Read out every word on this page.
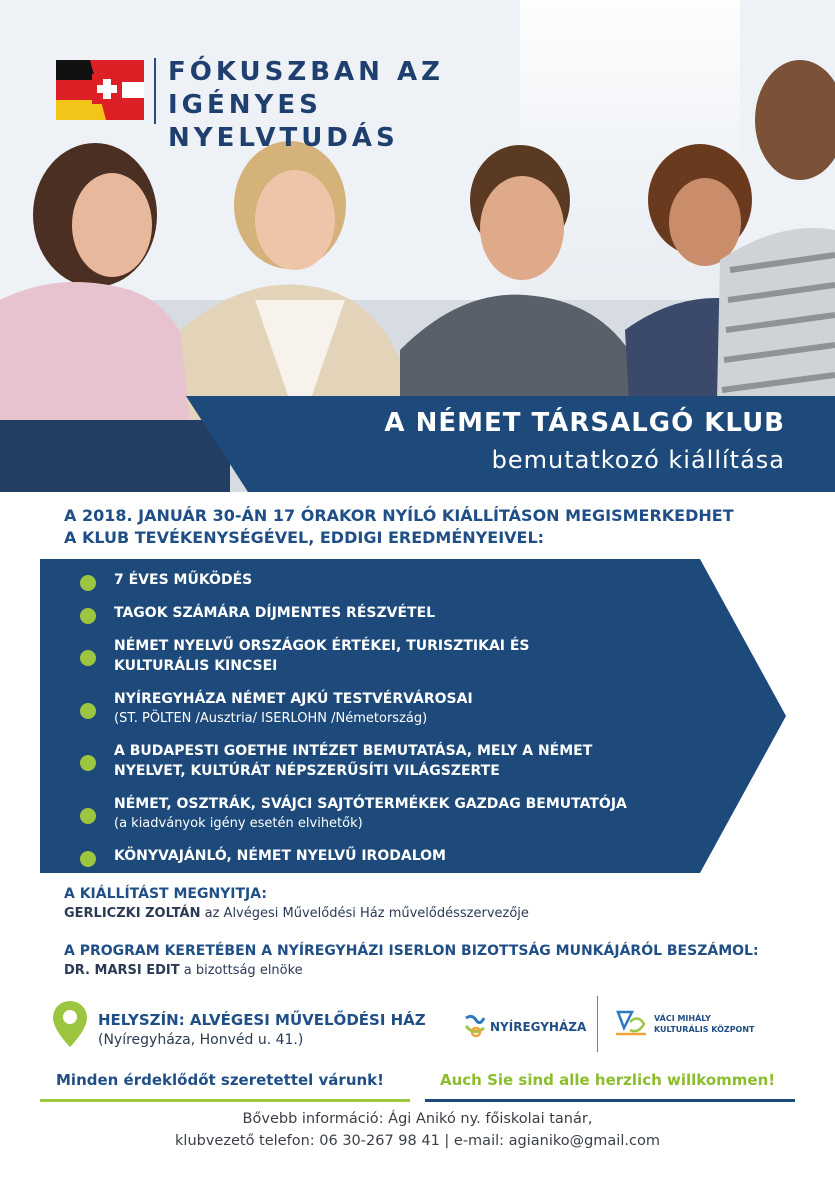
FÓKUSZBAN AZ IGÉNYES
NYELVTUDÁS
A NÉMET TÁRSALGÓ KLUB
bemutatkozó kiállítása
A 2018. JANUÁR 30-ÁN 17 ÓRAKOR NYÍLÓ KIÁLLÍTÁSON MEGISMERKEDHET
A KLUB TEVÉKENYSÉGÉVEL, EDDIGI EREDMÉNYEIVEL:
7 ÉVES MŰKÖDÉS
TAGOK SZÁMÁRA DÍJMENTES RÉSZVÉTEL
NÉMET NYELVŰ ORSZÁGOK ÉRTÉKEI, TURISZTIKAI ÉS KULTURÁLIS KINCSEI
NYÍREGYHÁZA NÉMET AJKÚ TESTVÉRVÁROSAI
(ST. PÖLTEN /Ausztria/ ISERLOHN /Németország)
A BUDAPESTI GOETHE INTÉZET BEMUTATÁSA, MELY A NÉMET NYELVET, KULTÚRÁT NÉPSZERŰSÍTI VILÁGSZERTE
NÉMET, OSZTRÁK, SVÁJCI SAJTÓTERMÉKEK GAZDAG BEMUTATÓJA
(a kiadványok igény esetén elvihetők)
KÖNYVAJÁNLÓ, NÉMET NYELVŰ IRODALOM
A KIÁLLÍTÁST MEGNYITJA:
GERLICZKI ZOLTÁN az Alvégesi Művelődési Ház művelődésszervezője
A PROGRAM KERETÉBEN A NYÍREGYHÁZI ISERLON BIZOTTSÁG MUNKÁJÁRÓL BESZÁMOL:
DR. MARSI EDIT a bizottság elnöke
HELYSZÍN: ALVÉGESI MŰVELŐDÉSI HÁZ
(Nyíregyháza, Honvéd u. 41.)
NYÍREGYHÁZA
VÁCI MIHÁLY
KULTURÁLIS KÖZPONT
Minden érdeklődőt szeretettel várunk!	Auch Sie sind alle herzlich willkommen!
Bővebb információ: Ági Anikó ny. főiskolai tanár,
klubvezető telefon: 06 30-267 98 41 | e-mail: agianiko@gmail.com
